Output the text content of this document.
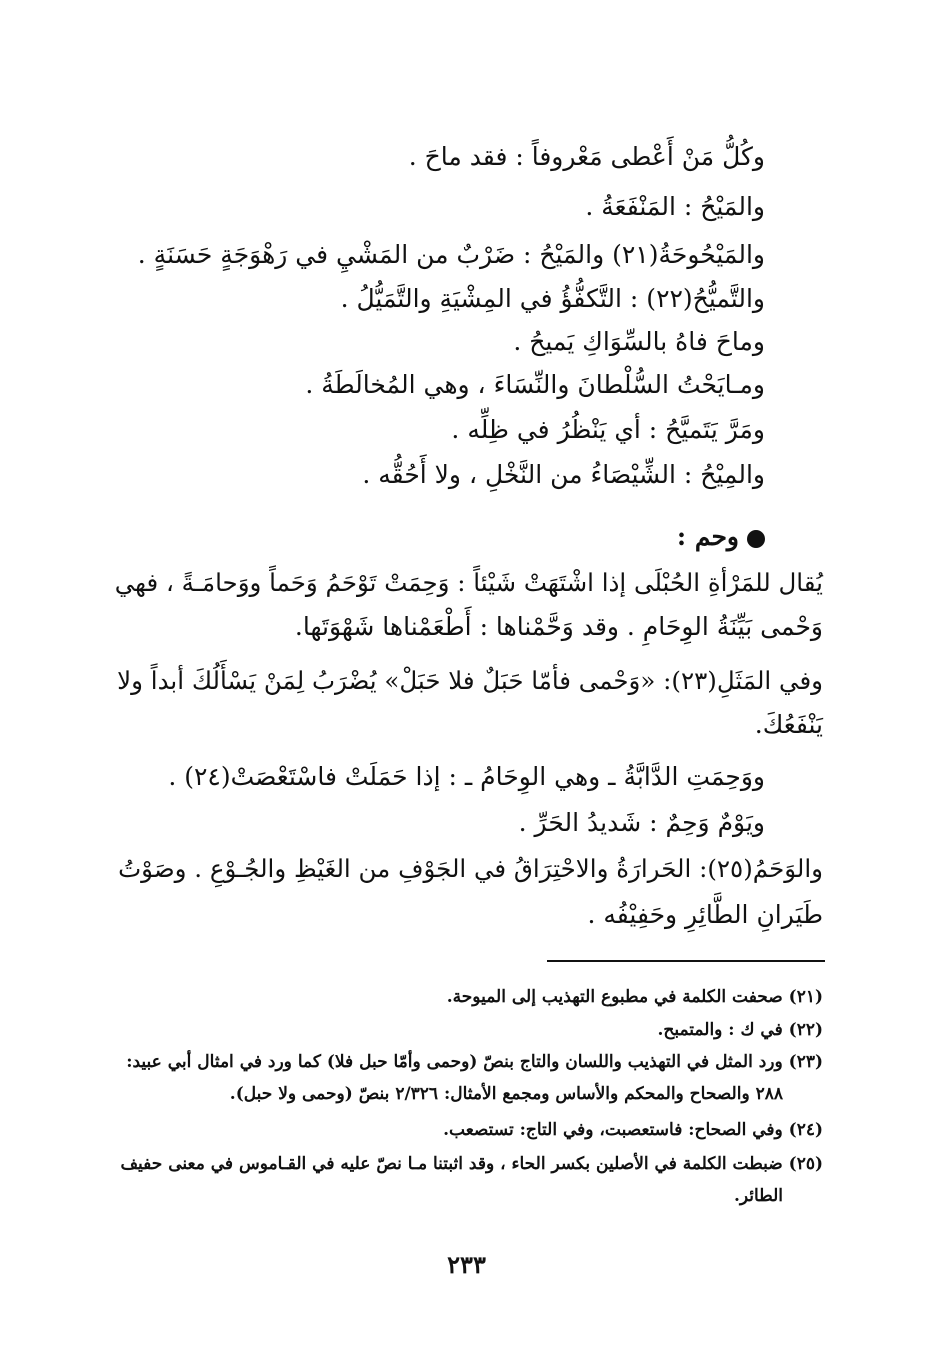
وكُلُّ مَنْ أَعْطى مَعْروفاً : فقد ماحَ .
والمَيْحُ : المَنْفَعَةُ .
والمَيْحُوحَةُ(٢١) والمَيْحُ : ضَرْبٌ من المَشْيِ في رَهْوَجَةٍ حَسَنَةٍ .
والتَّميُّحُ(٢٢) : التَّكفُّؤُ في المِشْيَةِ والتَّمَيُّلُ .
وماحَ فاهُ بالسِّوَاكِ يَميحُ .
ومـايَحْتُ السُّلْطانَ والنِّسَاءَ ، وهي المُخالَطَةُ .
ومَرَّ يَتَميَّحُ : أي يَنْظُرُ في ظِلِّه .
والمِيْحُ : الشِّيْصَاءُ من النَّخْلِ ، ولا أَحُقُّه .
وحم :
يُقال للمَرْأةِ الحُبْلَى إذا اشْتَهَتْ شَيْئاً : وَحِمَتْ تَوْحَمُ وَحَماً ووَحامَـةً ، فهي
وَحْمى بَيِّنَةُ الوِحَامِ . وقد وَحَّمْناها : أَطْعَمْناها شَهْوَتَها.
وفي المَثَلِ(٢٣): «وَحْمى فأمّا حَبَلٌ فلا حَبَلْ» يُضْرَبُ لِمَنْ يَسْأَلُكَ أبداً ولا
يَنْفَعُكَ.
ووَحِمَتِ الدَّابَّةُ ـ وهي الوِحَامُ ـ : إذا حَمَلَتْ فاسْتَعْصَتْ(٢٤) .
ويَوْمٌ وَحِمٌ : شَديدُ الحَرِّ .
والوَحَمُ(٢٥): الحَرارَةُ والاحْتِرَاقُ في الجَوْفِ من الغَيْظِ والجُـوْعِ . وصَوْتُ
طَيَرانِ الطَّائِرِ وحَفِيْفُه .
(٢١) صحفت الكلمة في مطبوع التهذيب إلى الميوحة.
(٢٢) في ك : والمتمبح.
(٢٣) ورد المثل في التهذيب واللسان والتاج بنصّ (وحمى وأمّا حبل فلا) كما ورد في امثال أبي عبيد:
٢٨٨ والصحاح والمحكم والأساس ومجمع الأمثال: ٢/٣٢٦ بنصّ (وحمى ولا حبل).
(٢٤) وفي الصحاح: فاستعصبت، وفي التاج: تستصعب.
(٢٥) ضبطت الكلمة في الأصلين بكسر الحاء ، وقد اثبتنا مـا نصّ عليه في القـاموس في معنى حفيف
الطائر.
٢٣٣
